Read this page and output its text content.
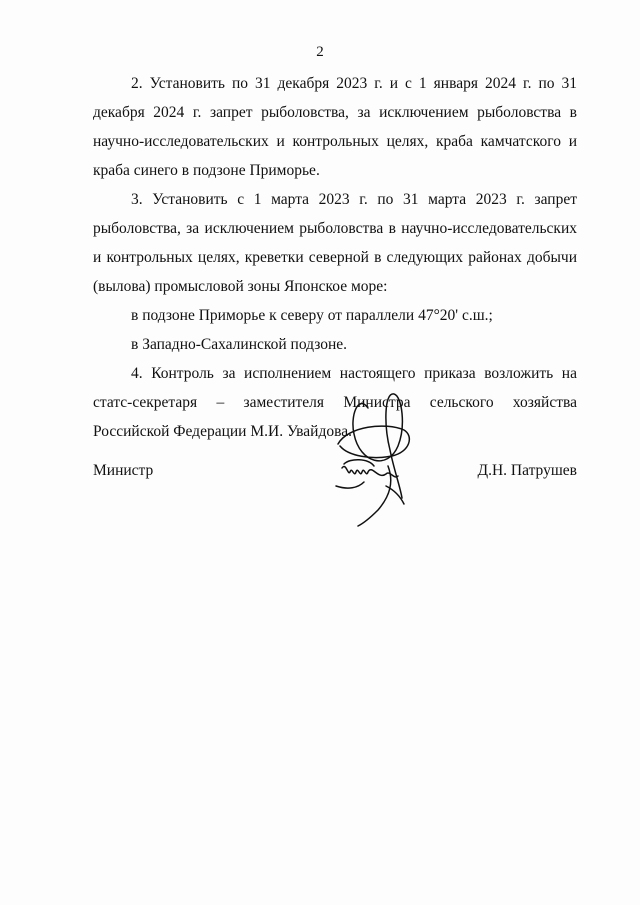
2

2. Установить по 31 декабря 2023 г. и с 1 января 2024 г. по 31 декабря 2024 г. запрет рыболовства, за исключением рыболовства в научно-исследовательских и контрольных целях, краба камчатского и краба синего в подзоне Приморье.

3. Установить с 1 марта 2023 г. по 31 марта 2023 г. запрет рыболовства, за исключением рыболовства в научно-исследовательских и контрольных целях, креветки северной в следующих районах добычи (вылова) промысловой зоны Японское море:

в подзоне Приморье к северу от параллели 47°20' с.ш.;

в Западно-Сахалинской подзоне.

4. Контроль за исполнением настоящего приказа возложить на статс-секретаря – заместителя Министра сельского хозяйства Российской Федерации М.И. Увайдова.

Министр	Д.Н. Патрушев
